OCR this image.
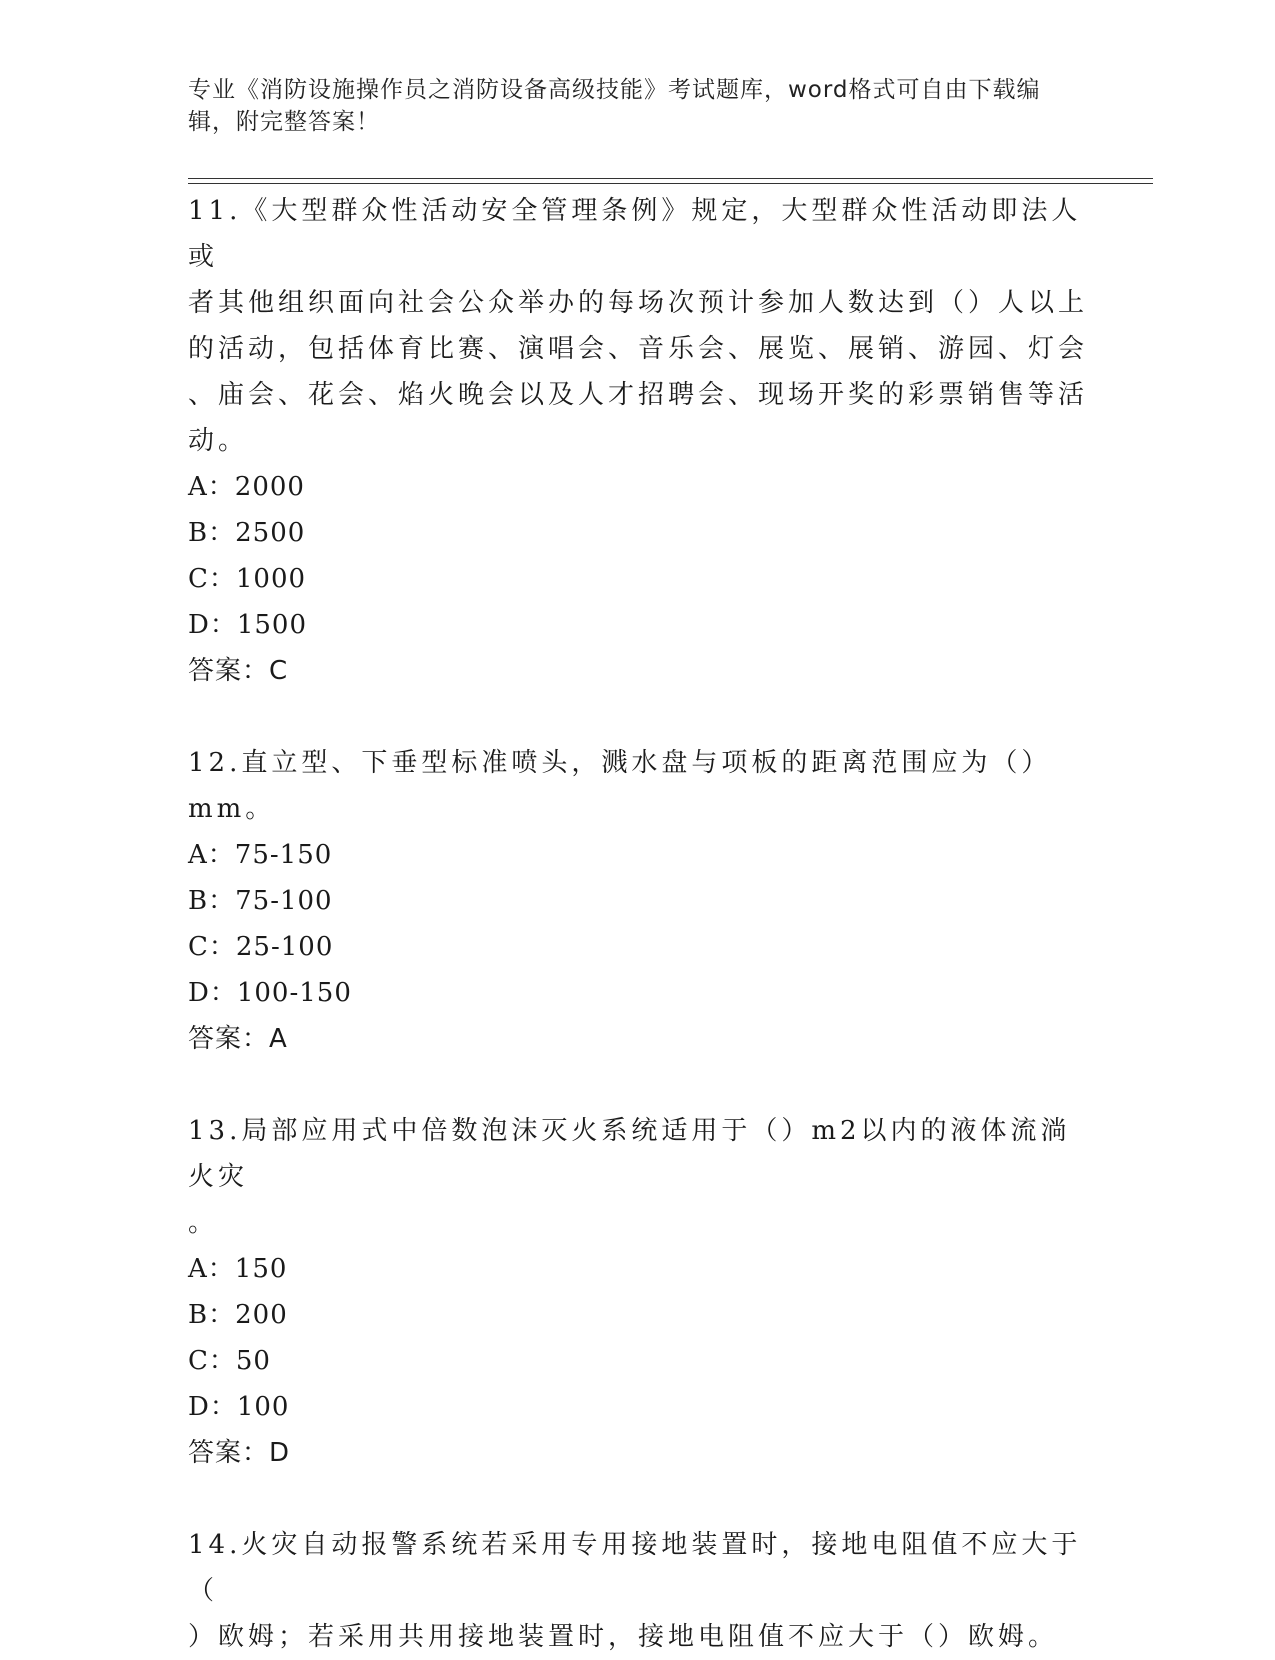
专业《消防设施操作员之消防设备高级技能》考试题库，word格式可自由下载编
辑，附完整答案！

11.《大型群众性活动安全管理条例》规定，大型群众性活动即法人或

者其他组织面向社会公众举办的每场次预计参加人数达到（）人以上

的活动，包括体育比赛、演唱会、音乐会、展览、展销、游园、灯会

、庙会、花会、焰火晚会以及人才招聘会、现场开奖的彩票销售等活

动。

A：2000

B：2500

C：1000

D：1500

答案：C

12.直立型、下垂型标准喷头，溅水盘与项板的距离范围应为（）mm。

A：75-150

B：75-100

C：25-100

D：100-150

答案：A

13.局部应用式中倍数泡沫灭火系统适用于（）m2以内的液体流淌火灾

。

A：150

B：200

C：50

D：100

答案：D

14.火灾自动报警系统若采用专用接地装置时，接地电阻值不应大于（

）欧姆；若采用共用接地装置时，接地电阻值不应大于（）欧姆。
